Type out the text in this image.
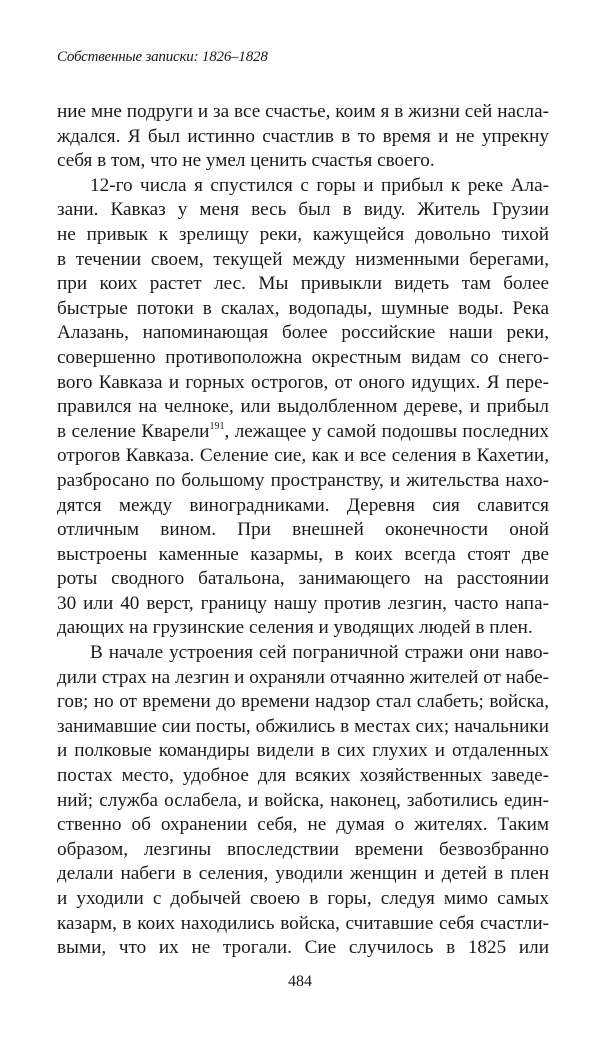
Собственные записки: 1826–1828
ние мне подруги и за все счастье, коим я в жизни сей насла-
ждался. Я был истинно счастлив в то время и не упрекну
себя в том, что не умел ценить счастья своего.
12-го числа я спустился с горы и прибыл к реке Ала-
зани. Кавказ у меня весь был в виду. Житель Грузии
не привык к зрелищу реки, кажущейся довольно тихой
в течении своем, текущей между низменными берегами,
при коих растет лес. Мы привыкли видеть там более
быстрые потоки в скалах, водопады, шумные воды. Река
Алазань, напоминающая более российские наши реки,
совершенно противоположна окрестным видам со снего-
вого Кавказа и горных острогов, от оного идущих. Я пере-
правился на челноке, или выдолбленном дереве, и прибыл
в селение Кварели$^{191}$, лежащее у самой подошвы последних
отрогов Кавказа. Селение сие, как и все селения в Кахетии,
разбросано по большому пространству, и жительства нахо-
дятся между виноградниками. Деревня сия славится
отличным вином. При внешней оконечности оной
выстроены каменные казармы, в коих всегда стоят две
роты сводного батальона, занимающего на расстоянии
30 или 40 верст, границу нашу против лезгин, часто напа-
дающих на грузинские селения и уводящих людей в плен.
В начале устроения сей пограничной стражи они наво-
дили страх на лезгин и охраняли отчаянно жителей от набе-
гов; но от времени до времени надзор стал слабеть; войска,
занимавшие сии посты, обжились в местах сих; начальники
и полковые командиры видели в сих глухих и отдаленных
постах место, удобное для всяких хозяйственных заведе-
ний; служба ослабела, и войска, наконец, заботились един-
ственно об охранении себя, не думая о жителях. Таким
образом, лезгины впоследствии времени безвозбранно
делали набеги в селения, уводили женщин и детей в плен
и уходили с добычей своею в горы, следуя мимо самых
казарм, в коих находились войска, считавшие себя счастли-
выми, что их не трогали. Сие случилось в 1825 или
484
